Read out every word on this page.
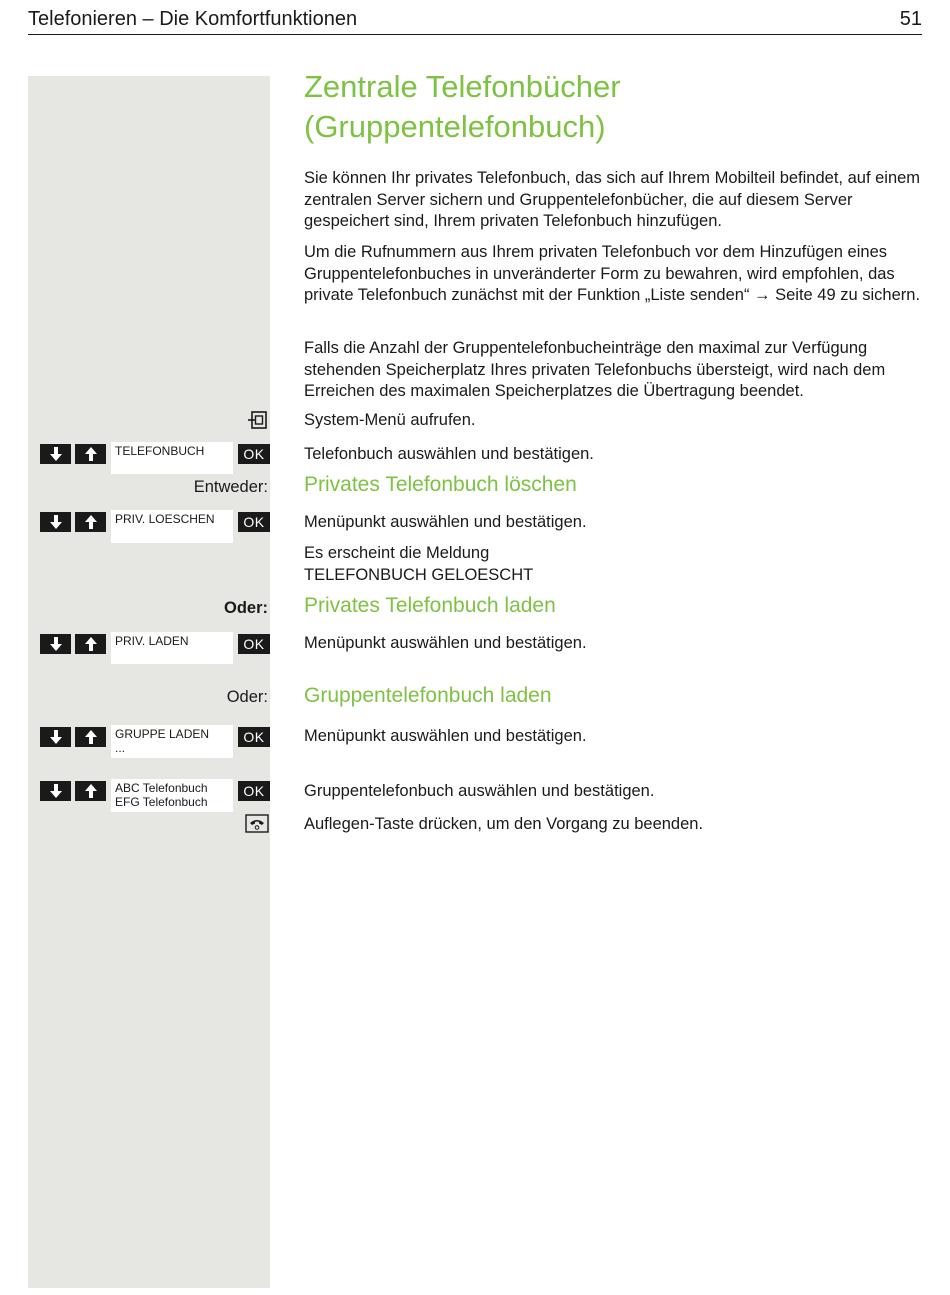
Telefonieren – Die Komfortfunktionen	51
Zentrale Telefonbücher
(Gruppentelefonbuch)

Sie können Ihr privates Telefonbuch, das sich auf Ihrem Mobilteil befindet, auf einem zentralen Server sichern und Gruppentelefonbücher, die auf diesem Server gespeichert sind, Ihrem privaten Telefonbuch hinzufügen.

Um die Rufnummern aus Ihrem privaten Telefonbuch vor dem Hinzufügen eines Gruppentelefonbuches in unveränderter Form zu bewahren, wird empfohlen, das private Telefonbuch zunächst mit der Funktion „Liste senden“ → Seite 49 zu sichern.

Falls die Anzahl der Gruppentelefonbucheinträge den maximal zur Verfügung stehenden Speicherplatz Ihres privaten Telefonbuchs übersteigt, wird nach dem Erreichen des maximalen Speicherplatzes die Übertragung beendet.

System-Menü aufrufen.
TELEFONBUCH	OK	Telefonbuch auswählen und bestätigen.
Entweder: Privates Telefonbuch löschen
PRIV. LOESCHEN	OK	Menüpunkt auswählen und bestätigen.
Es erscheint die Meldung
TELEFONBUCH GELOESCHT
Oder: Privates Telefonbuch laden
PRIV. LADEN	OK	Menüpunkt auswählen und bestätigen.
Oder: Gruppentelefonbuch laden
GRUPPE LADEN
...
OK	Menüpunkt auswählen und bestätigen.
ABC Telefonbuch
EFG Telefonbuch
OK	Gruppentelefonbuch auswählen und bestätigen.
Auflegen-Taste drücken, um den Vorgang zu beenden.
